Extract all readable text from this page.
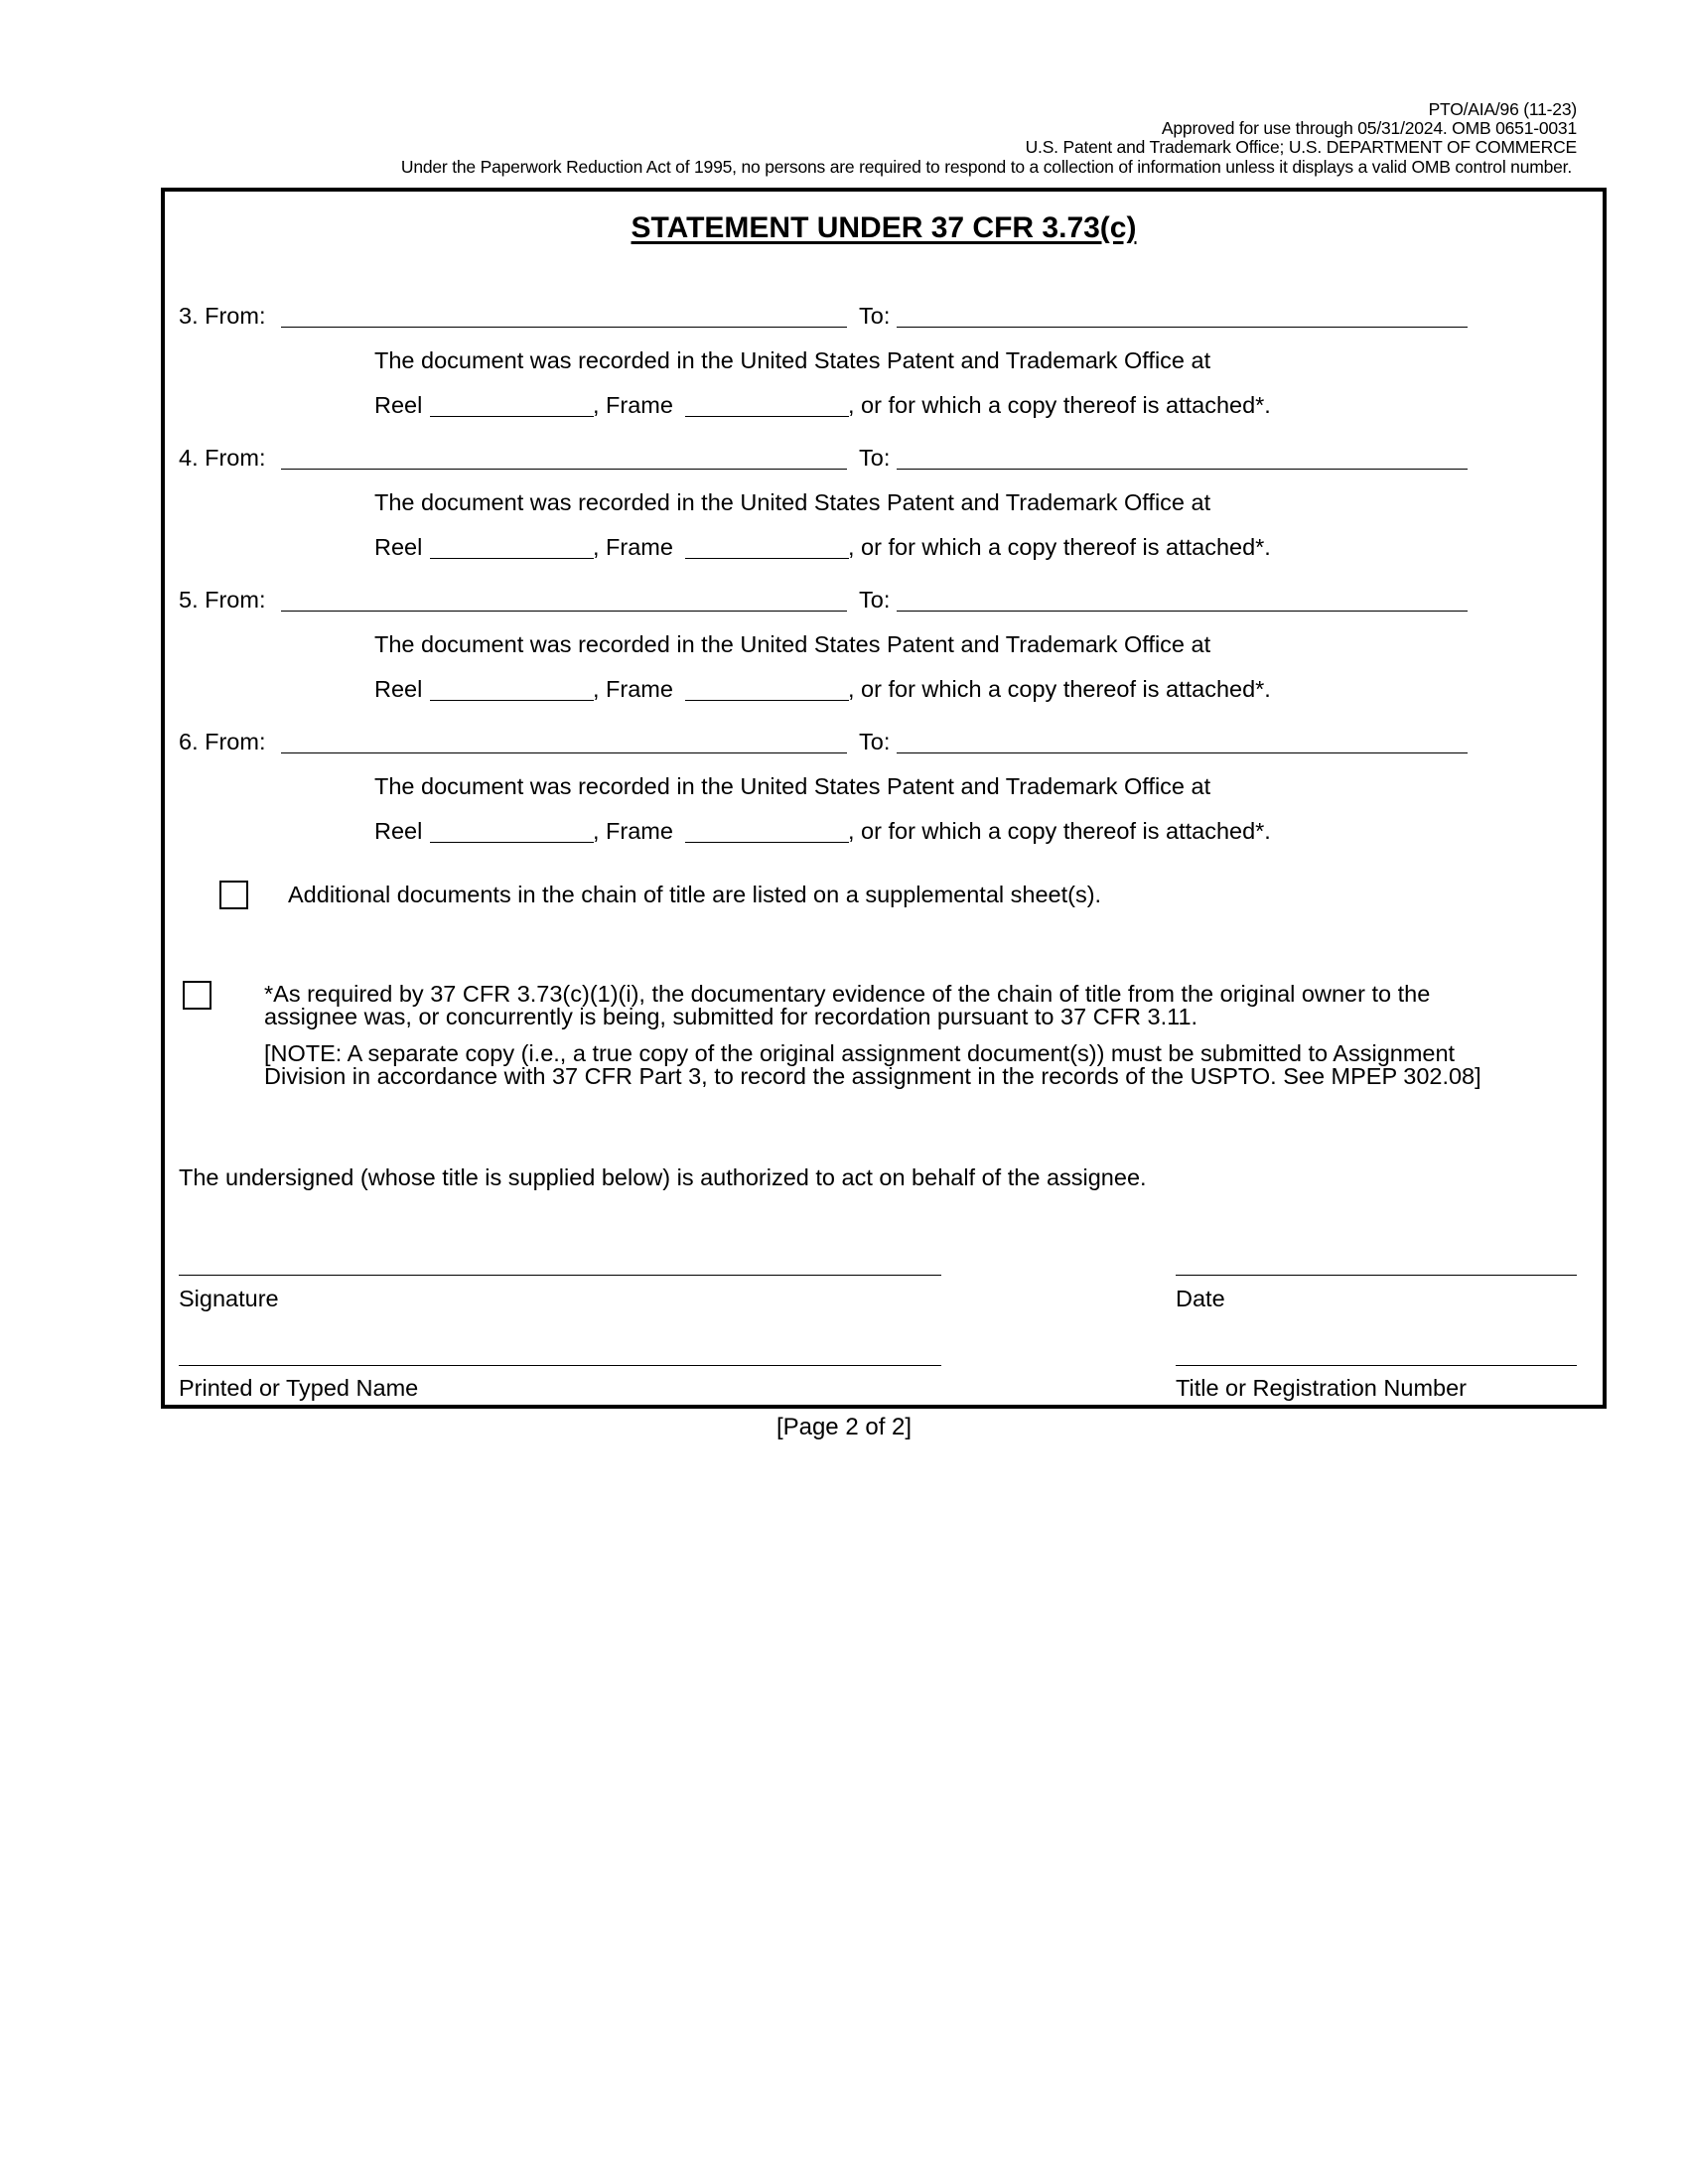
PTO/AIA/96 (11-23)
Approved for use through 05/31/2024. OMB 0651-0031
U.S. Patent and Trademark Office; U.S. DEPARTMENT OF COMMERCE
Under the Paperwork Reduction Act of 1995, no persons are required to respond to a collection of information unless it displays a valid OMB control number.
STATEMENT UNDER 37 CFR 3.73(c)
3. From:	To:
The document was recorded in the United States Patent and Trademark Office at
Reel	, Frame	, or for which a copy thereof is attached*.
4. From:	To:
The document was recorded in the United States Patent and Trademark Office at
Reel	, Frame	, or for which a copy thereof is attached*.
5. From:	To:
The document was recorded in the United States Patent and Trademark Office at
Reel	, Frame	, or for which a copy thereof is attached*.
6. From:	To:
The document was recorded in the United States Patent and Trademark Office at
Reel	, Frame	, or for which a copy thereof is attached*.
Additional documents in the chain of title are listed on a supplemental sheet(s).
*As required by 37 CFR 3.73(c)(1)(i), the documentary evidence of the chain of title from the original owner to the
assignee was, or concurrently is being, submitted for recordation pursuant to 37 CFR 3.11.
[NOTE: A separate copy (i.e., a true copy of the original assignment document(s)) must be submitted to Assignment
Division in accordance with 37 CFR Part 3, to record the assignment in the records of the USPTO. See MPEP 302.08]
The undersigned (whose title is supplied below) is authorized to act on behalf of the assignee.
Signature	Date
Printed or Typed Name	Title or Registration Number
[Page 2 of 2]
